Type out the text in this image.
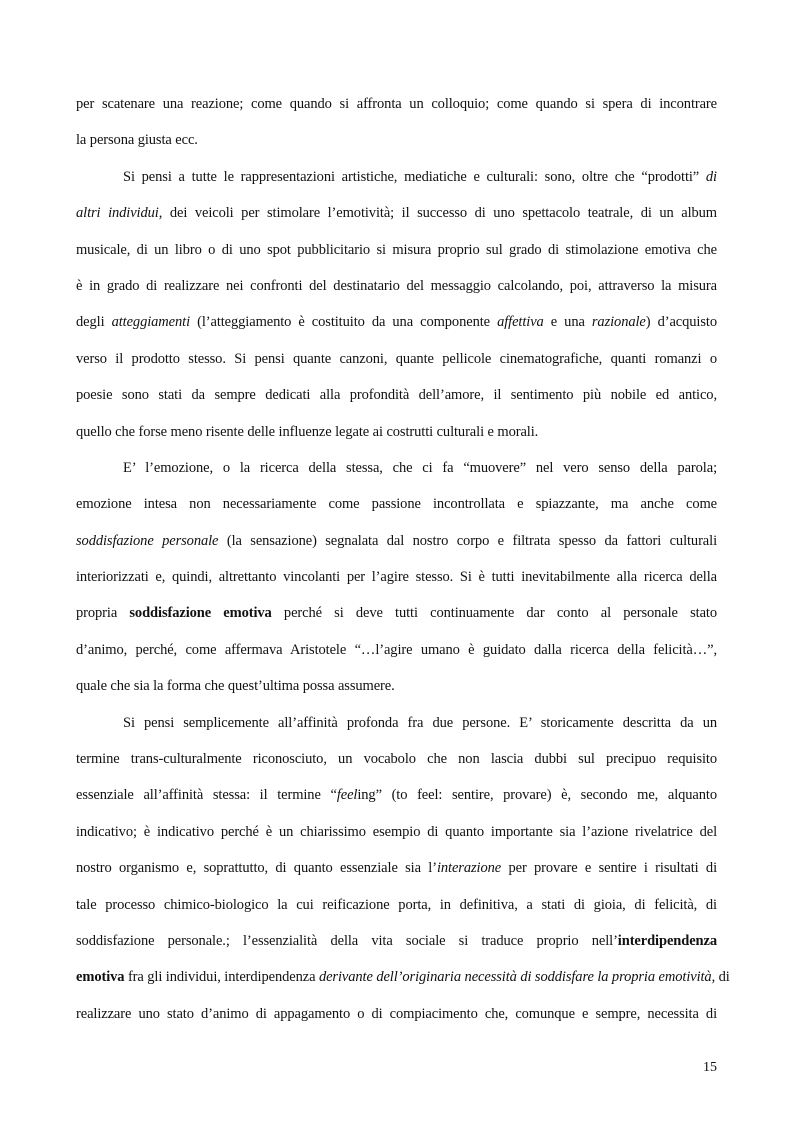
per scatenare una reazione; come quando si affronta un colloquio; come quando si spera di incontrare
la persona giusta ecc.
Si pensi a tutte le rappresentazioni artistiche, mediatiche e culturali: sono, oltre che “prodotti” di
altri individui, dei veicoli per stimolare l’emotività; il successo di uno spettacolo teatrale, di un album
musicale, di un libro o di uno spot pubblicitario si misura proprio sul grado di stimolazione emotiva che
è in grado di realizzare nei confronti del destinatario del messaggio calcolando, poi, attraverso la misura
degli atteggiamenti (l’atteggiamento è costituito da una componente affettiva e una razionale) d’acquisto
verso il prodotto stesso. Si pensi quante canzoni, quante pellicole cinematografiche, quanti romanzi o
poesie sono stati da sempre dedicati alla profondità dell’amore, il sentimento più nobile ed antico,
quello che forse meno risente delle influenze legate ai costrutti culturali e morali.
E’ l’emozione, o la ricerca della stessa, che ci fa “muovere” nel vero senso della parola;
emozione intesa non necessariamente come passione incontrollata e spiazzante, ma anche come
soddisfazione personale (la sensazione) segnalata dal nostro corpo e filtrata spesso da fattori culturali
interiorizzati e, quindi, altrettanto vincolanti per l’agire stesso. Si è tutti inevitabilmente alla ricerca della
propria soddisfazione emotiva perché si deve tutti continuamente dar conto al personale stato
d’animo, perché, come affermava Aristotele “…l’agire umano è guidato dalla ricerca della felicità…”,
quale che sia la forma che quest’ultima possa assumere.
Si pensi semplicemente all’affinità profonda fra due persone. E’ storicamente descritta da un
termine trans-culturalmente riconosciuto, un vocabolo che non lascia dubbi sul precipuo requisito
essenziale all’affinità stessa: il termine “feeling” (to feel: sentire, provare) è, secondo me, alquanto
indicativo; è indicativo perché è un chiarissimo esempio di quanto importante sia l’azione rivelatrice del
nostro organismo e, soprattutto, di quanto essenziale sia l’interazione per provare e sentire i risultati di
tale processo chimico-biologico la cui reificazione porta, in definitiva, a stati di gioia, di felicità, di
soddisfazione personale.; l’essenzialità della vita sociale si traduce proprio nell’interdipendenza
emotiva fra gli individui, interdipendenza derivante dell’originaria necessità di soddisfare la propria emotività, di
realizzare uno stato d’animo di appagamento o di compiacimento che, comunque e sempre, necessita di
15
